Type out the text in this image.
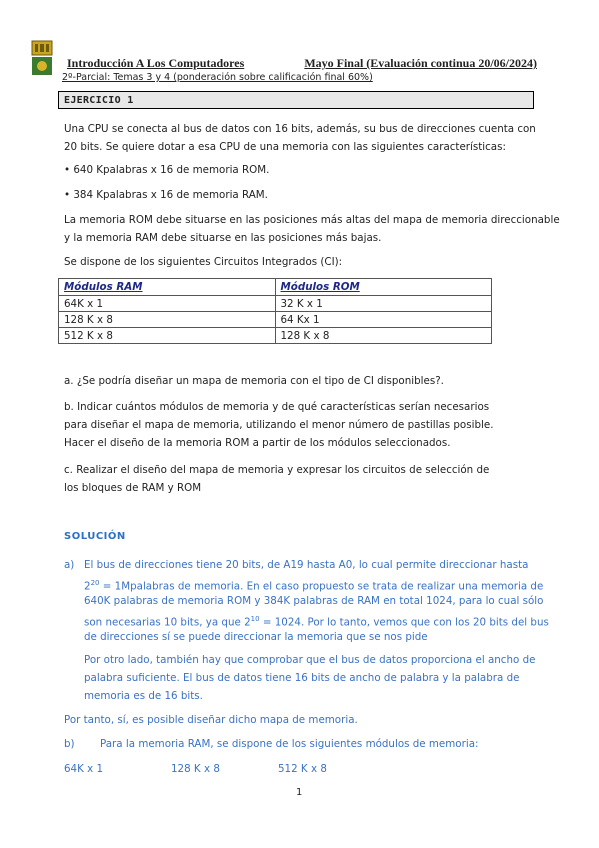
Introducción A Los Computadores	Mayo Final (Evaluación continua 20/06/2024)
2º-Parcial: Temas 3 y 4 (ponderación sobre calificación final 60%)
EJERCICIO 1

Una CPU se conecta al bus de datos con 16 bits, además, su bus de direcciones cuenta con

20 bits. Se quiere dotar a esa CPU de una memoria con las siguientes características:

• 640 Kpalabras x 16 de memoria ROM.

• 384 Kpalabras x 16 de memoria RAM.

La memoria ROM debe situarse en las posiciones más altas del mapa de memoria direccionable

y la memoria RAM debe situarse en las posiciones más bajas.

Se dispone de los siguientes Circuitos Integrados (CI):

Módulos RAM	Módulos ROM
64K x 1	32 K x 1
128 K x 8	64 Kx 1
512 K x 8	128 K x 8

a. ¿Se podría diseñar un mapa de memoria con el tipo de CI disponibles?.

b. Indicar cuántos módulos de memoria y de qué características serían necesarios

para diseñar el mapa de memoria, utilizando el menor número de pastillas posible.

Hacer el diseño de la memoria ROM a partir de los módulos seleccionados.

c. Realizar el diseño del mapa de memoria y expresar los circuitos de selección de

los bloques de RAM y ROM

SOLUCIÓN

a) El bus de direcciones tiene 20 bits, de A19 hasta A0, lo cual permite direccionar hasta

$2^{20}$ = 1Mpalabras de memoria. En el caso propuesto se trata de realizar una memoria de

640K palabras de memoria ROM y 384K palabras de RAM en total 1024, para lo cual sólo

son necesarias 10 bits, ya que $2^{10} = 1024$. Por lo tanto, vemos que con los 20 bits del bus

de direcciones sí se puede direccionar la memoria que se nos pide

Por otro lado, también hay que comprobar que el bus de datos proporciona el ancho de

palabra suficiente. El bus de datos tiene 16 bits de ancho de palabra y la palabra de

memoria es de 16 bits.

Por tanto, sí, es posible diseñar dicho mapa de memoria.

b) Para la memoria RAM, se dispone de los siguientes módulos de memoria:

64K x 1	128 K x 8	512 K x 8

1
